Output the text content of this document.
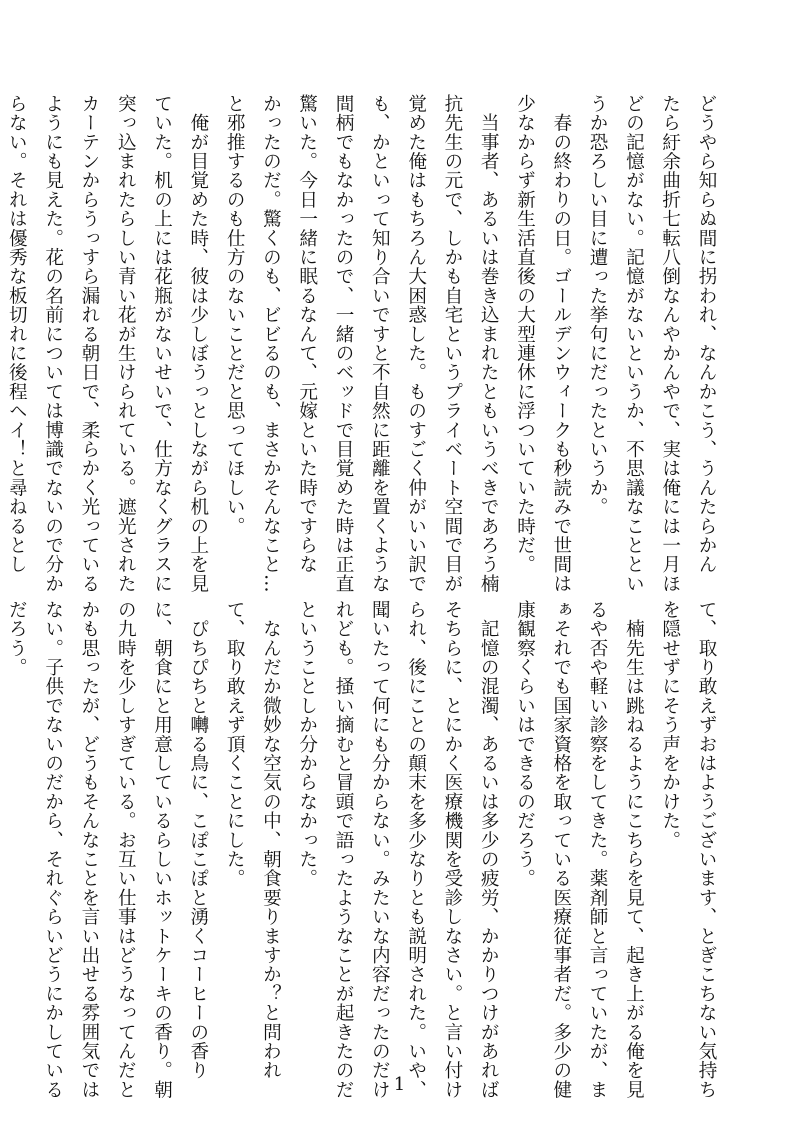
どうやら知らぬ間に拐われ、なんかこう、うんたらかん
たら紆余曲折七転八倒なんやかんやで、実は俺には一月ほ
どの記憶がない。記憶がないというか、不思議なこととい
うか恐ろしい目に遭った挙句にだったというか。
　春の終わりの日。ゴールデンウィークも秒読みで世間は
少なからず新生活直後の大型連休に浮ついていた時だ。
　当事者、あるいは巻き込まれたともいうべきであろう楠
抗先生の元で、しかも自宅というプライベート空間で目が
覚めた俺はもちろん大困惑した。ものすごく仲がいい訳で
も、かといって知り合いですと不自然に距離を置くような
間柄でもなかったので、一緒のベッドで目覚めた時は正直
驚いた。今日一緒に眠るなんて、元嫁といた時ですらな
かったのだ。驚くのも、ビビるのも、まさかそんなこと…
と邪推するのも仕方のないことだと思ってほしい。
　俺が目覚めた時、彼は少しぼうっとしながら机の上を見
ていた。机の上には花瓶がないせいで、仕方なくグラスに
突っ込まれたらしい青い花が生けられている。遮光された
カーテンからうっすら漏れる朝日で、柔らかく光っている
ようにも見えた。花の名前については博識でないので分か
らない。それは優秀な板切れに後程ヘイ！と尋ねるとし
て、取り敢えずおはようございます、とぎこちない気持ち
を隠せずにそう声をかけた。
　楠先生は跳ねるようにこちらを見て、起き上がる俺を見
るや否や軽い診察をしてきた。薬剤師と言っていたが、ま
ぁそれでも国家資格を取っている医療従事者だ。多少の健
康観察くらいはできるのだろう。
　記憶の混濁、あるいは多少の疲労、かかりつけがあれば
そちらに、とにかく医療機関を受診しなさい。と言い付け
られ、後にことの顛末を多少なりとも説明された。いや、
聞いたって何にも分からない。みたいな内容だったのだけ
れども。掻い摘むと冒頭で語ったようなことが起きたのだ
ということしか分からなかった。
　なんだか微妙な空気の中、朝食要りますか？と問われ
て、取り敢えず頂くことにした。
　ぴちぴちと囀る鳥に、こぽこぽと湧くコーヒーの香り
に、朝食にと用意しているらしいホットケーキの香り。朝
の九時を少しすぎている。お互い仕事はどうなってんだと
かも思ったが、どうもそんなことを言い出せる雰囲気では
ない。子供でないのだから、それぐらいどうにかしている
だろう。
1
